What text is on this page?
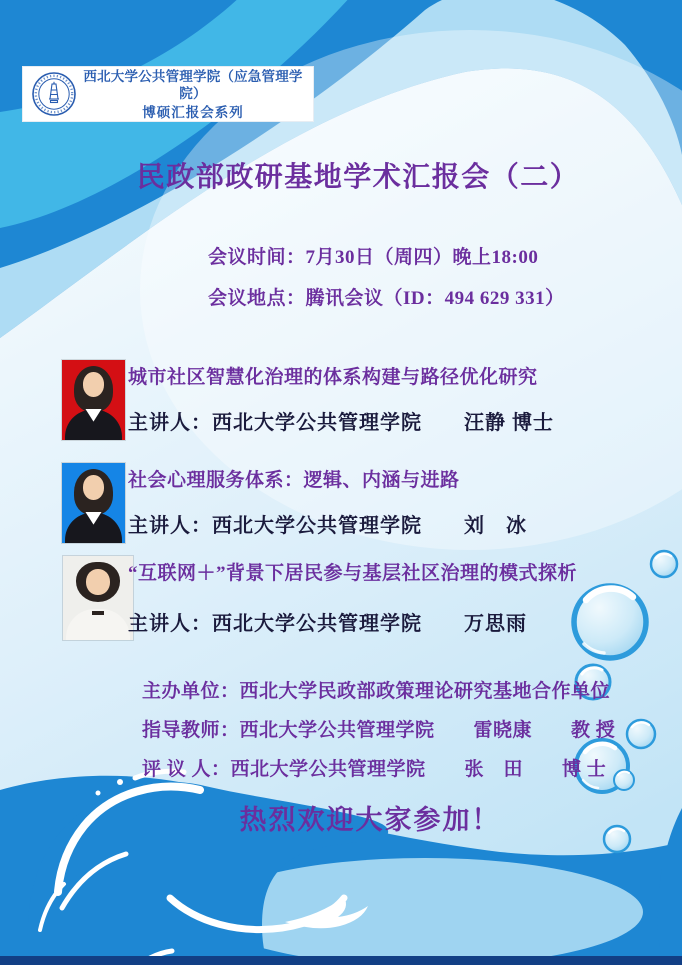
西北大学公共管理学院（应急管理学院）
博硕汇报会系列
民政部政研基地学术汇报会（二）
会议时间：7月30日（周四）晚上18:00
会议地点：腾讯会议（ID：494 629 331）
城市社区智慧化治理的体系构建与路径优化研究
主讲人：西北大学公共管理学院　　汪静 博士
社会心理服务体系：逻辑、内涵与进路
主讲人：西北大学公共管理学院　　刘　冰
“互联网＋”背景下居民参与基层社区治理的模式探析
主讲人：西北大学公共管理学院　　万思雨
主办单位：西北大学民政部政策理论研究基地合作单位
指导教师：西北大学公共管理学院　　雷晓康　　教 授
评 议 人：西北大学公共管理学院　　张　田　　博 士
热烈欢迎大家参加！
